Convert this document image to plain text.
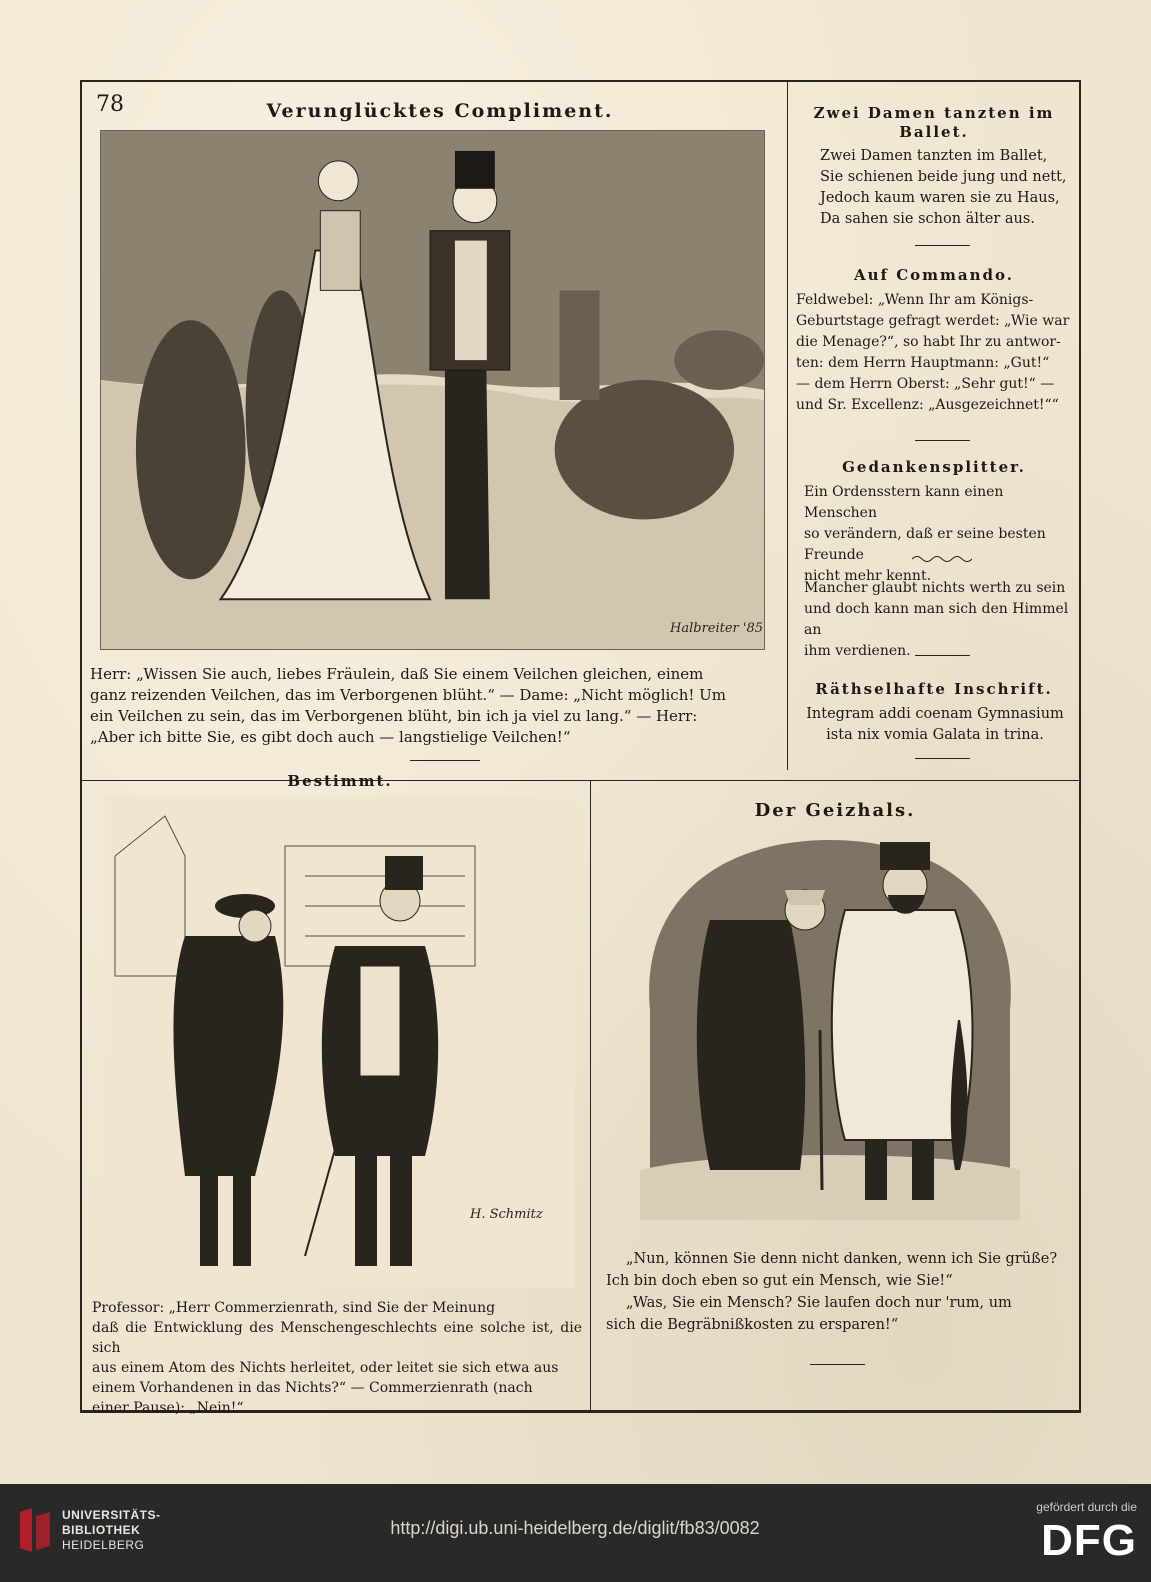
78	Verunglücktes Compliment.

Halbreiter '85

Herr: „Wissen Sie auch, liebes Fräulein, daß Sie einem Veilchen gleichen, einem
ganz reizenden Veilchen, das im Verborgenen blüht.“ — Dame: „Nicht möglich! Um
ein Veilchen zu sein, das im Verborgenen blüht, bin ich ja viel zu lang.“ — Herr:
„Aber ich bitte Sie, es gibt doch auch — langstielige Veilchen!“

Zwei Damen tanzten im Ballet.

Zwei Damen tanzten im Ballet,
Sie schienen beide jung und nett,
Jedoch kaum waren sie zu Haus,
Da sahen sie schon älter aus.

Auf Commando.

Feldwebel: „Wenn Ihr am Königs-
Geburtstage gefragt werdet: „Wie war
die Menage?“, so habt Ihr zu antwor-
ten: dem Herrn Hauptmann: „Gut!“
— dem Herrn Oberst: „Sehr gut!“ —
und Sr. Excellenz: „Ausgezeichnet!““

Gedankensplitter.

Ein Ordensstern kann einen Menschen
so verändern, daß er seine besten Freunde
nicht mehr kennt.
Mancher glaubt nichts werth zu sein
und doch kann man sich den Himmel an
ihm verdienen.

Räthselhafte Inschrift.

Integram addi coenam Gymnasium
ista nix vomia Galata in trina.

Bestimmt.

H. Schmitz

Professor: „Herr Commerzienrath, sind Sie der Meinung
daß die Entwicklung des Menschengeschlechts eine solche ist, die sich
aus einem Atom des Nichts herleitet, oder leitet sie sich etwa aus
einem Vorhandenen in das Nichts?“ — Commerzienrath (nach
einer Pause): „Nein!“

Der Geizhals.

„Nun, können Sie denn nicht danken, wenn ich Sie grüße?
Ich bin doch eben so gut ein Mensch, wie Sie!“
„Was, Sie ein Mensch? Sie laufen doch nur 'rum, um
sich die Begräbnißkosten zu ersparen!“
UNIVERSITÄTS-
BIBLIOTHEK
HEIDELBERG
http://digi.ub.uni-heidelberg.de/diglit/fb83/0082
gefördert durch die
DFG
